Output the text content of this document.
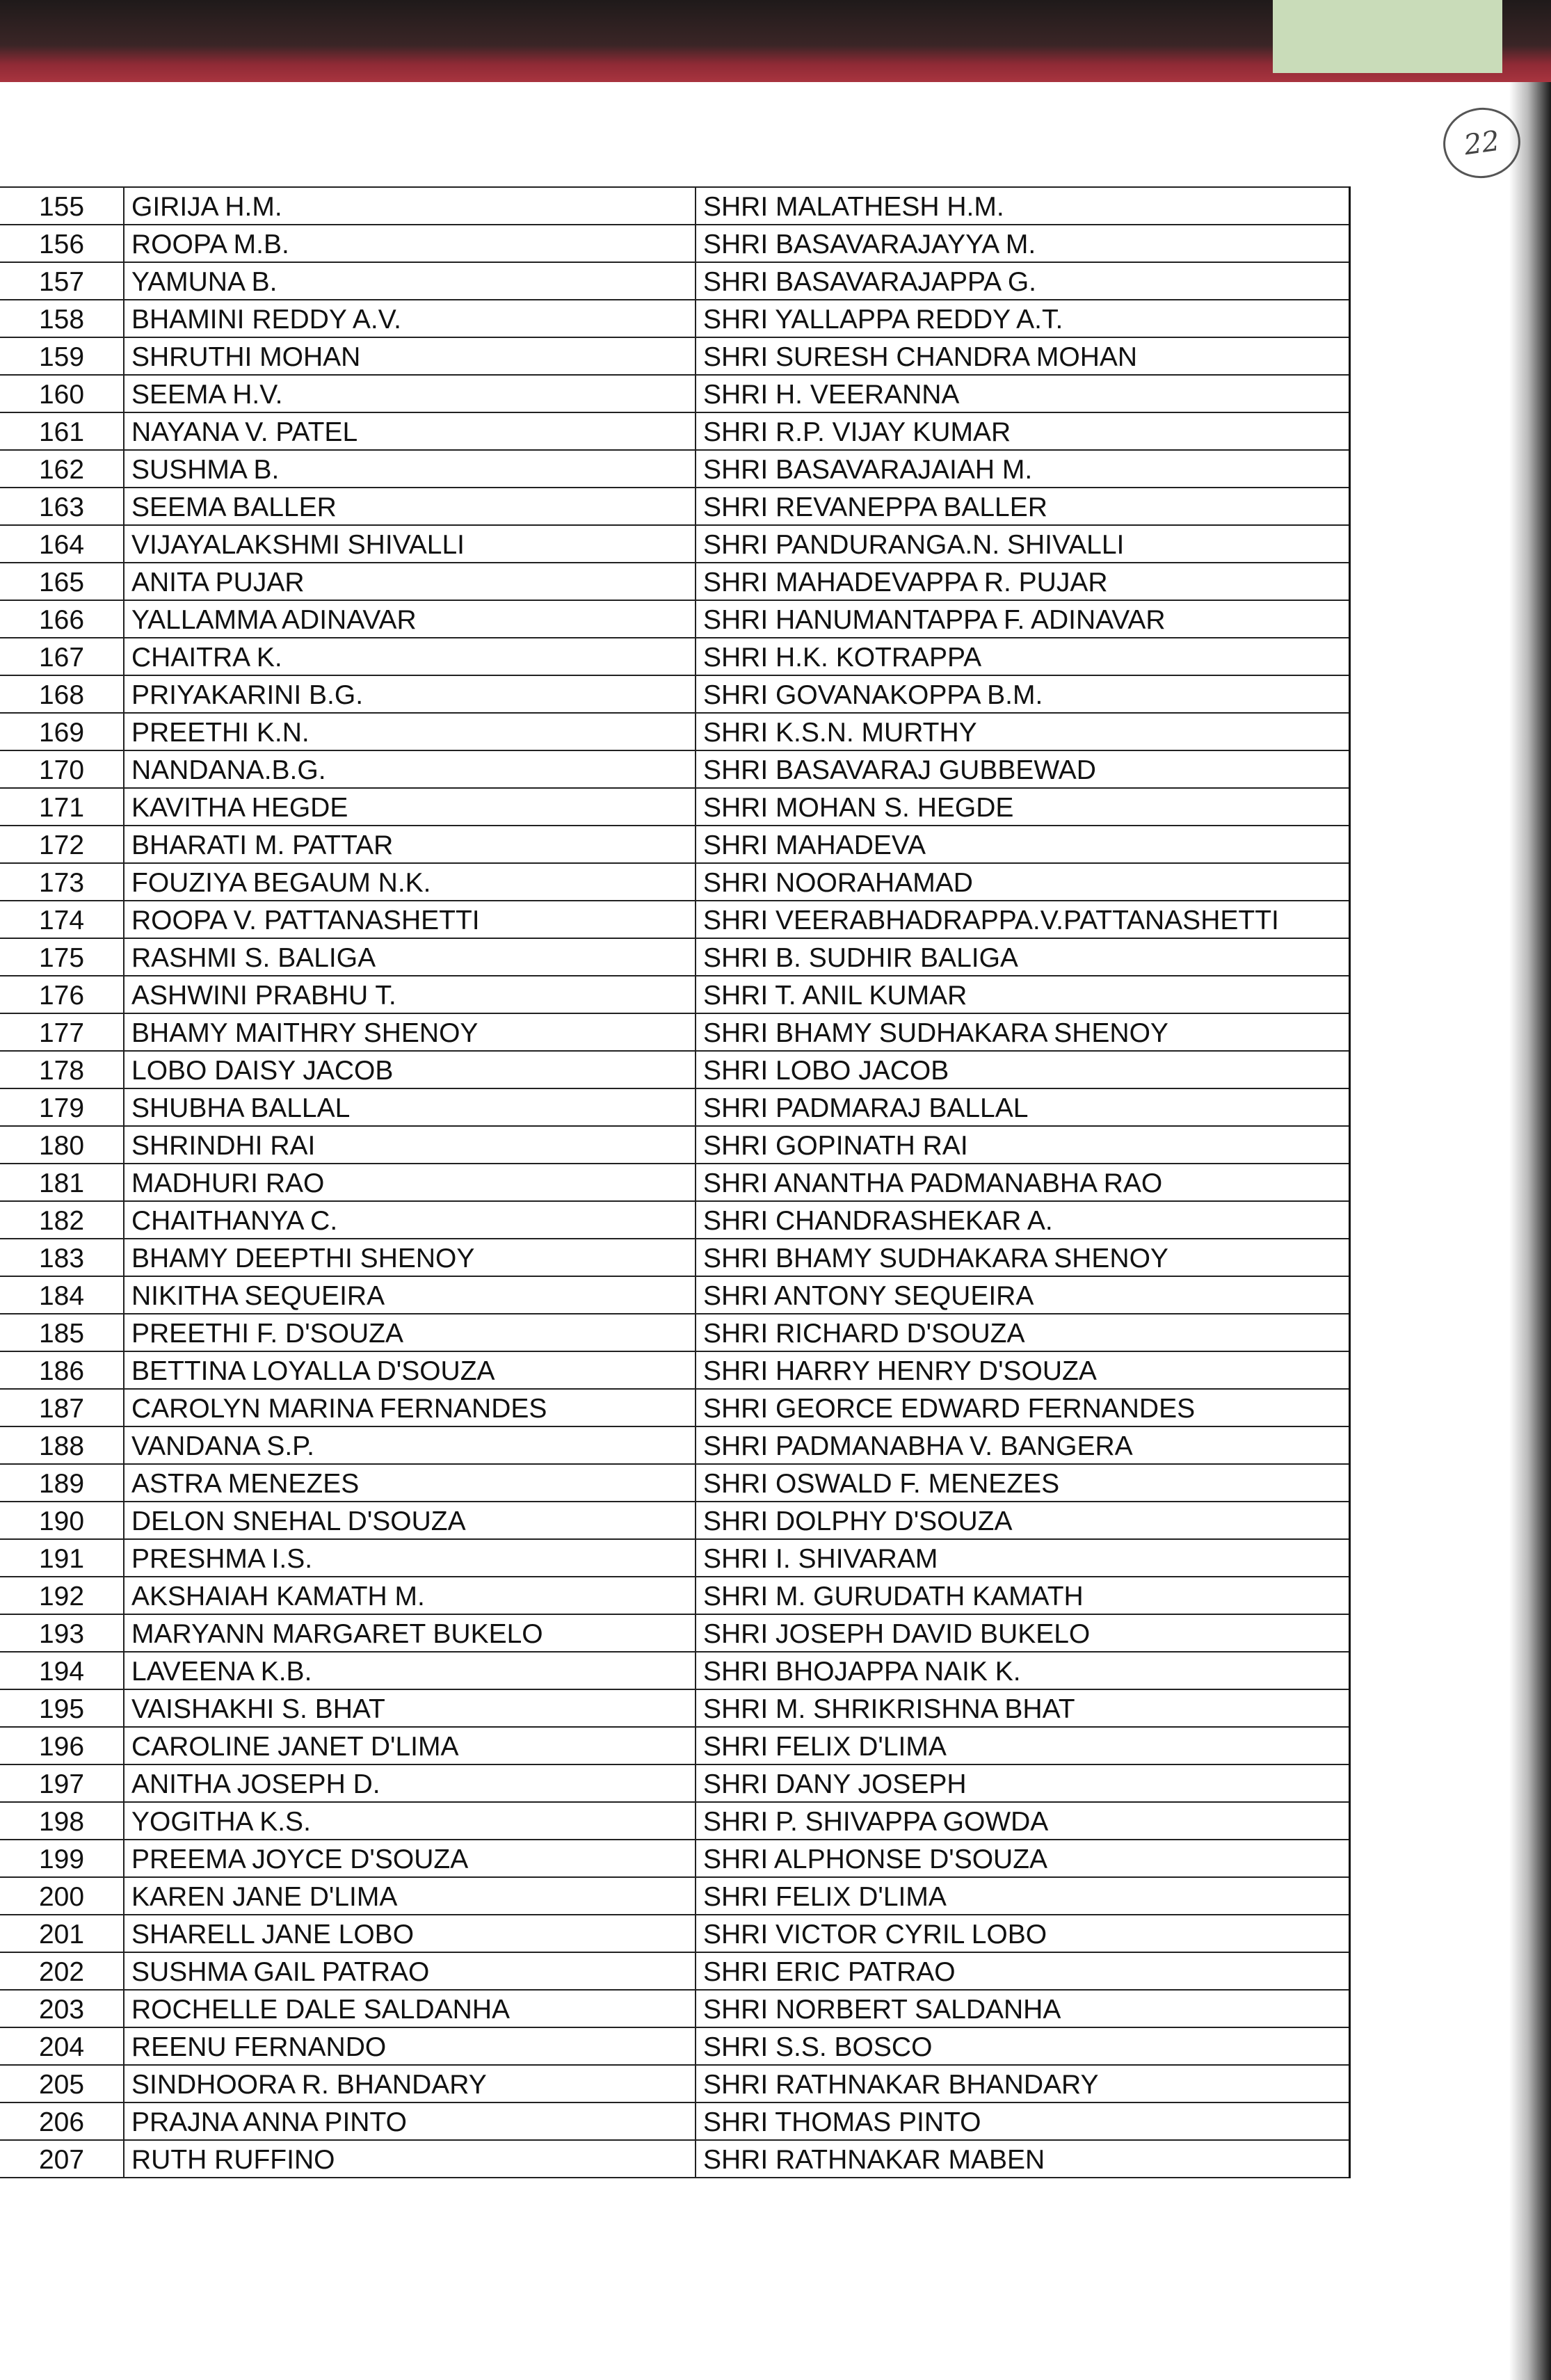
22
155	GIRIJA H.M.	SHRI MALATHESH H.M.
156	ROOPA M.B.	SHRI BASAVARAJAYYA M.
157	YAMUNA B.	SHRI BASAVARAJAPPA G.
158	BHAMINI REDDY A.V.	SHRI YALLAPPA REDDY A.T.
159	SHRUTHI MOHAN	SHRI SURESH CHANDRA MOHAN
160	SEEMA H.V.	SHRI H. VEERANNA
161	NAYANA V. PATEL	SHRI R.P. VIJAY KUMAR
162	SUSHMA B.	SHRI BASAVARAJAIAH M.
163	SEEMA BALLER	SHRI REVANEPPA BALLER
164	VIJAYALAKSHMI SHIVALLI	SHRI PANDURANGA.N. SHIVALLI
165	ANITA PUJAR	SHRI MAHADEVAPPA R. PUJAR
166	YALLAMMA ADINAVAR	SHRI HANUMANTAPPA F. ADINAVAR
167	CHAITRA K.	SHRI H.K. KOTRAPPA
168	PRIYAKARINI B.G.	SHRI GOVANAKOPPA B.M.
169	PREETHI K.N.	SHRI K.S.N. MURTHY
170	NANDANA.B.G.	SHRI BASAVARAJ GUBBEWAD
171	KAVITHA HEGDE	SHRI MOHAN S. HEGDE
172	BHARATI M. PATTAR	SHRI MAHADEVA
173	FOUZIYA BEGAUM N.K.	SHRI NOORAHAMAD
174	ROOPA V. PATTANASHETTI	SHRI VEERABHADRAPPA.V.PATTANASHETTI
175	RASHMI S. BALIGA	SHRI B. SUDHIR BALIGA
176	ASHWINI PRABHU T.	SHRI T. ANIL KUMAR
177	BHAMY MAITHRY SHENOY	SHRI BHAMY SUDHAKARA SHENOY
178	LOBO DAISY JACOB	SHRI LOBO JACOB
179	SHUBHA BALLAL	SHRI PADMARAJ BALLAL
180	SHRINDHI RAI	SHRI GOPINATH RAI
181	MADHURI RAO	SHRI ANANTHA PADMANABHA RAO
182	CHAITHANYA C.	SHRI CHANDRASHEKAR A.
183	BHAMY DEEPTHI SHENOY	SHRI BHAMY SUDHAKARA SHENOY
184	NIKITHA SEQUEIRA	SHRI ANTONY SEQUEIRA
185	PREETHI F. D'SOUZA	SHRI RICHARD D'SOUZA
186	BETTINA LOYALLA D'SOUZA	SHRI HARRY HENRY D'SOUZA
187	CAROLYN MARINA FERNANDES	SHRI GEORCE EDWARD FERNANDES
188	VANDANA S.P.	SHRI PADMANABHA V. BANGERA
189	ASTRA MENEZES	SHRI OSWALD F. MENEZES
190	DELON SNEHAL D'SOUZA	SHRI DOLPHY D'SOUZA
191	PRESHMA I.S.	SHRI I. SHIVARAM
192	AKSHAIAH KAMATH M.	SHRI M. GURUDATH KAMATH
193	MARYANN MARGARET BUKELO	SHRI JOSEPH DAVID BUKELO
194	LAVEENA K.B.	SHRI BHOJAPPA NAIK K.
195	VAISHAKHI S. BHAT	SHRI M. SHRIKRISHNA BHAT
196	CAROLINE JANET D'LIMA	SHRI FELIX D'LIMA
197	ANITHA JOSEPH D.	SHRI DANY JOSEPH
198	YOGITHA K.S.	SHRI P. SHIVAPPA GOWDA
199	PREEMA JOYCE D'SOUZA	SHRI ALPHONSE D'SOUZA
200	KAREN JANE D'LIMA	SHRI FELIX D'LIMA
201	SHARELL JANE LOBO	SHRI VICTOR CYRIL LOBO
202	SUSHMA GAIL PATRAO	SHRI ERIC PATRAO
203	ROCHELLE DALE SALDANHA	SHRI NORBERT SALDANHA
204	REENU FERNANDO	SHRI S.S. BOSCO
205	SINDHOORA R. BHANDARY	SHRI RATHNAKAR BHANDARY
206	PRAJNA ANNA PINTO	SHRI THOMAS PINTO
207	RUTH RUFFINO	SHRI RATHNAKAR MABEN
